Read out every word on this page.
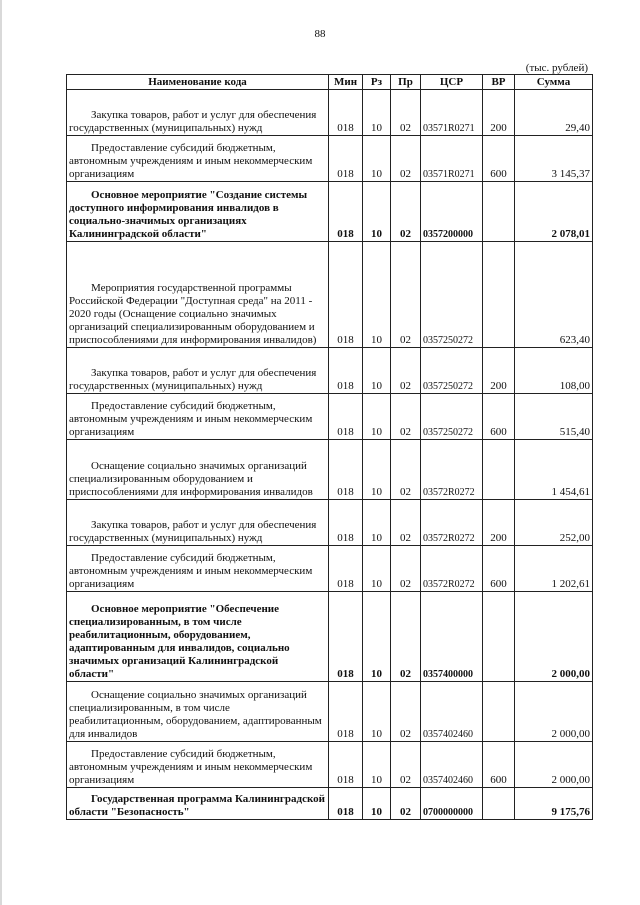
88
(тыс. рублей)
Наименование кода	Мин	Рз	Пр	ЦСР	ВР	Сумма
Закупка товаров, работ и услуг для обеспечения государственных (муниципальных) нужд	018	10	02	03571R0271	200	29,40
Предоставление субсидий бюджетным, автономным учреждениям и иным некоммерческим организациям	018	10	02	03571R0271	600	3 145,37
Основное мероприятие "Создание системы доступного информирования инвалидов в социально-значимых организациях Калининградской области"	018	10	02	0357200000		2 078,01
Мероприятия государственной программы Российской Федерации "Доступная среда" на 2011 - 2020 годы (Оснащение социально значимых организаций специализированным оборудованием и приспособлениями для информирования инвалидов)	018	10	02	0357250272		623,40
Закупка товаров, работ и услуг для обеспечения государственных (муниципальных) нужд	018	10	02	0357250272	200	108,00
Предоставление субсидий бюджетным, автономным учреждениям и иным некоммерческим организациям	018	10	02	0357250272	600	515,40
Оснащение социально значимых организаций специализированным оборудованием и приспособлениями для информирования инвалидов	018	10	02	03572R0272		1 454,61
Закупка товаров, работ и услуг для обеспечения государственных (муниципальных) нужд	018	10	02	03572R0272	200	252,00
Предоставление субсидий бюджетным, автономным учреждениям и иным некоммерческим организациям	018	10	02	03572R0272	600	1 202,61
Основное мероприятие "Обеспечение специализированным, в том числе реабилитационным, оборудованием, адаптированным для инвалидов, социально значимых организаций Калининградской области"	018	10	02	0357400000		2 000,00
Оснащение социально значимых организаций специализированным, в том числе реабилитационным, оборудованием, адаптированным для инвалидов	018	10	02	0357402460		2 000,00
Предоставление субсидий бюджетным, автономным учреждениям и иным некоммерческим организациям	018	10	02	0357402460	600	2 000,00
Государственная программа Калининградской области "Безопасность"	018	10	02	0700000000		9 175,76
